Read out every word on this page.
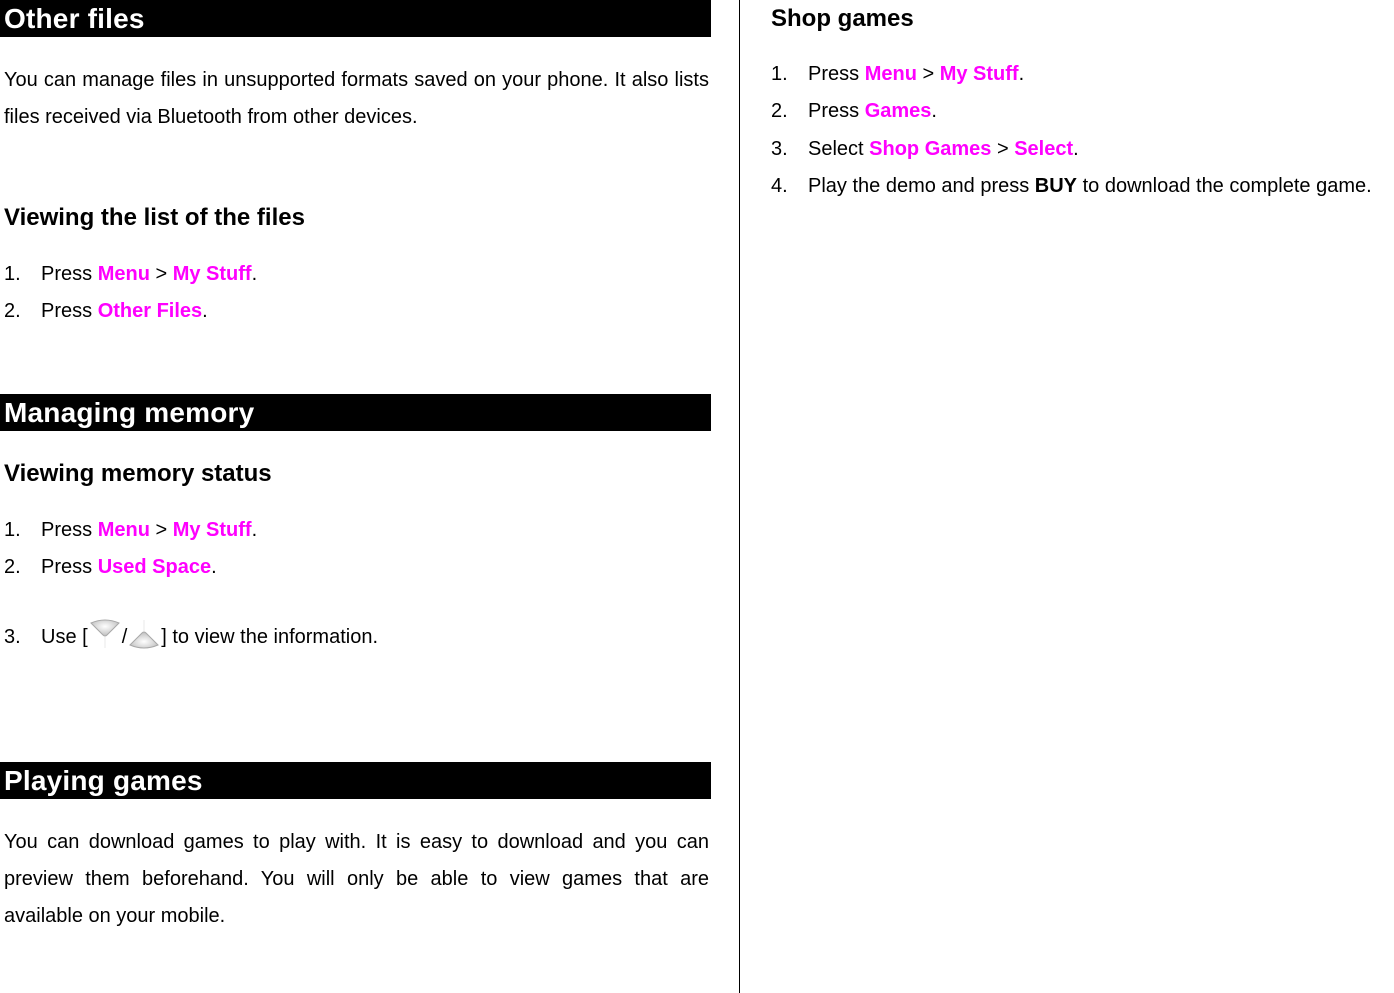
Other files
You can manage files in unsupported formats saved on your phone. It also lists files received via Bluetooth from other devices.
Viewing the list of the files
1. Press Menu > My Stuff.
2. Press Other Files.
Managing memory
Viewing memory status
1. Press Menu > My Stuff.
2. Press Used Space.
3. Use [ / ] to view the information.
Playing games
You can download games to play with. It is easy to download and you can preview them beforehand. You will only be able to view games that are available on your mobile.
Shop games
1. Press Menu > My Stuff.
2. Press Games.
3. Select Shop Games > Select.
4. Play the demo and press BUY to download the complete game.
